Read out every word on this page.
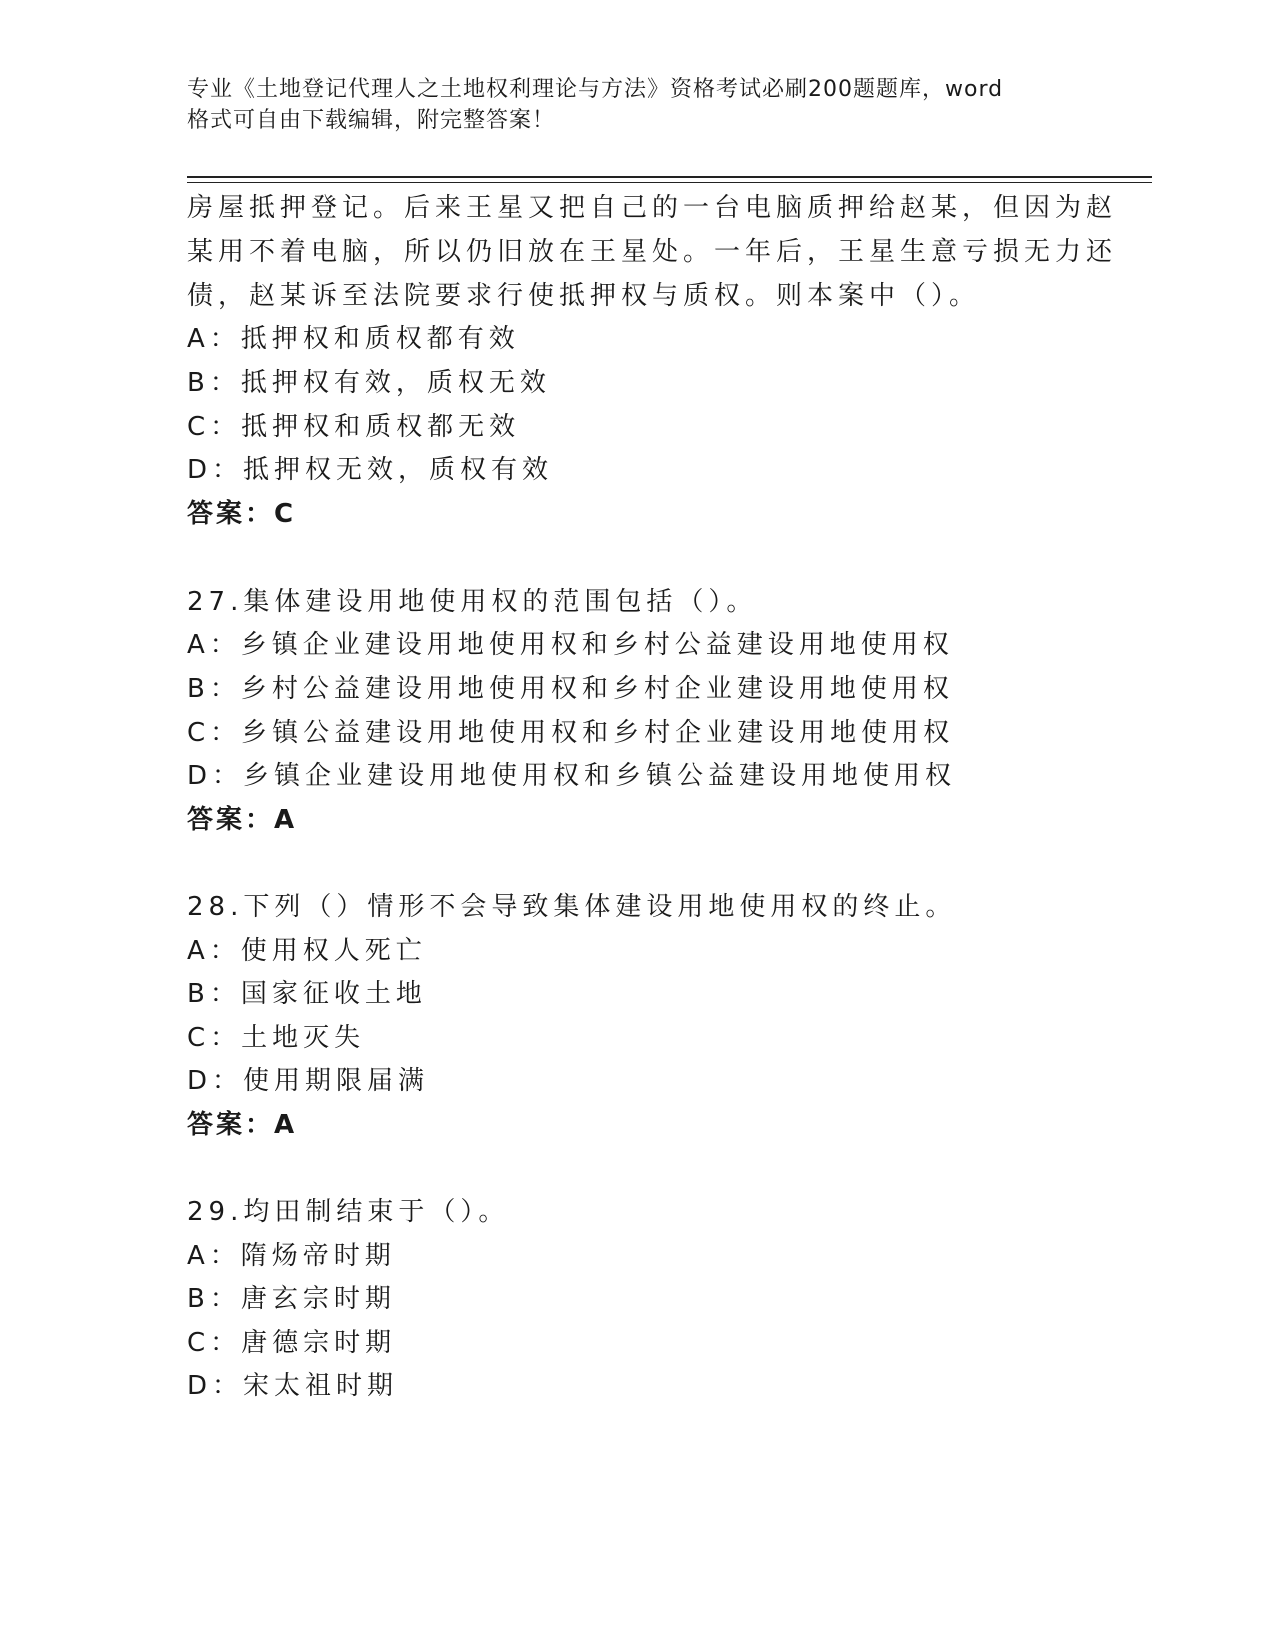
专业《土地登记代理人之土地权利理论与方法》资格考试必刷200题题库，word
格式可自由下载编辑，附完整答案！
房屋抵押登记。后来王星又把自己的一台电脑质押给赵某，但因为赵
某用不着电脑，所以仍旧放在王星处。一年后，王星生意亏损无力还
债，赵某诉至法院要求行使抵押权与质权。则本案中（）。
A：抵押权和质权都有效
B：抵押权有效，质权无效
C：抵押权和质权都无效
D：抵押权无效，质权有效
答案：C
27.集体建设用地使用权的范围包括（）。
A：乡镇企业建设用地使用权和乡村公益建设用地使用权
B：乡村公益建设用地使用权和乡村企业建设用地使用权
C：乡镇公益建设用地使用权和乡村企业建设用地使用权
D：乡镇企业建设用地使用权和乡镇公益建设用地使用权
答案：A
28.下列（）情形不会导致集体建设用地使用权的终止。
A：使用权人死亡
B：国家征收土地
C：土地灭失
D：使用期限届满
答案：A
29.均田制结束于（）。
A：隋炀帝时期
B：唐玄宗时期
C：唐德宗时期
D：宋太祖时期
